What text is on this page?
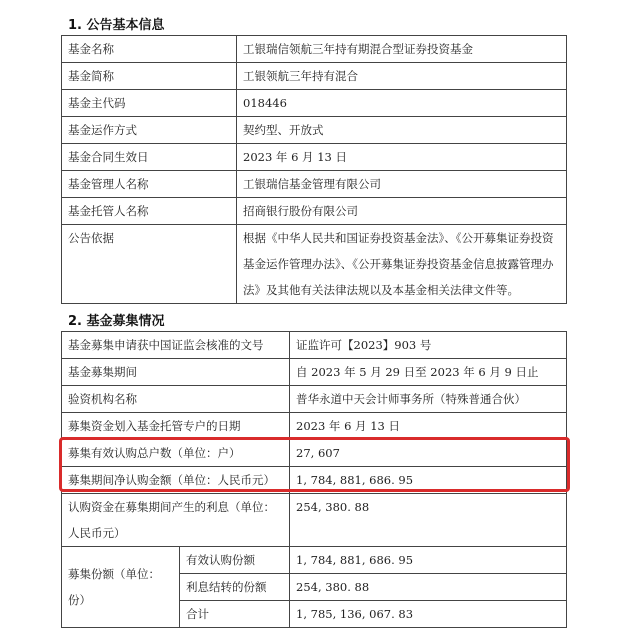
1. 公告基本信息
基金名称	工银瑞信领航三年持有期混合型证券投资基金
基金简称	工银领航三年持有混合
基金主代码	018446
基金运作方式	契约型、开放式
基金合同生效日	2023 年 6 月 13 日
基金管理人名称	工银瑞信基金管理有限公司
基金托管人名称	招商银行股份有限公司
公告依据	根据《中华人民共和国证券投资基金法》、《公开募集证券投资基金运作管理办法》、《公开募集证券投资基金信息披露管理办法》及其他有关法律法规以及本基金相关法律文件等。
2. 基金募集情况
基金募集申请获中国证监会核准的文号		证监许可【2023】903 号
基金募集期间		自 2023 年 5 月 29 日至 2023 年 6 月 9 日止
验资机构名称		普华永道中天会计师事务所（特殊普通合伙）
募集资金划入基金托管专户的日期		2023 年 6 月 13 日
募集有效认购总户数（单位：户）		27, 607
募集期间净认购金额（单位：人民币元）		1, 784, 881, 686. 95
认购资金在募集期间产生的利息（单位：人民币元）		254, 380. 88
募集份额（单位：份）	有效认购份额	1, 784, 881, 686. 95
	利息结转的份额	254, 380. 88
	合计	1, 785, 136, 067. 83
